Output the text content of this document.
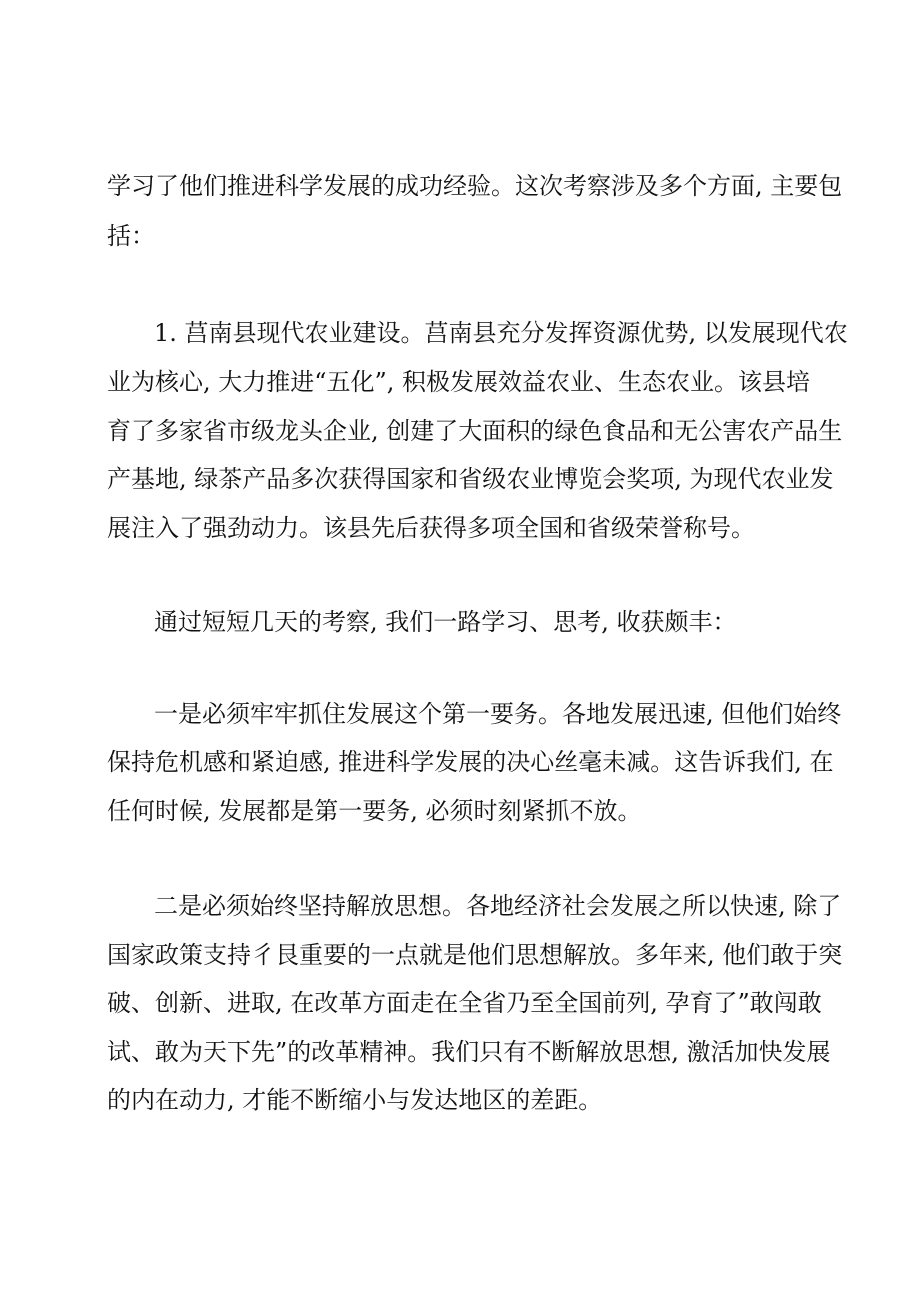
学习了他们推进科学发展的成功经验。这次考察涉及多个方面, 主要包
括：
1. 莒南县现代农业建设。莒南县充分发挥资源优势, 以发展现代农
业为核心, 大力推进“五化”, 积极发展效益农业、生态农业。该县培
育了多家省市级龙头企业, 创建了大面积的绿色食品和无公害农产品生
产基地, 绿茶产品多次获得国家和省级农业博览会奖项, 为现代农业发
展注入了强劲动力。该县先后获得多项全国和省级荣誉称号。
通过短短几天的考察, 我们一路学习、思考, 收获颇丰：
一是必须牢牢抓住发展这个第一要务。各地发展迅速, 但他们始终
保持危机感和紧迫感, 推进科学发展的决心丝毫未减。这告诉我们, 在
任何时候, 发展都是第一要务, 必须时刻紧抓不放。
二是必须始终坚持解放思想。各地经济社会发展之所以快速, 除了
国家政策支持彳艮重要的一点就是他们思想解放。多年来, 他们敢于突
破、创新、进取, 在改革方面走在全省乃至全国前列, 孕育了”敢闯敢
试、敢为天下先”的改革精神。我们只有不断解放思想, 激活加快发展
的内在动力, 才能不断缩小与发达地区的差距。
